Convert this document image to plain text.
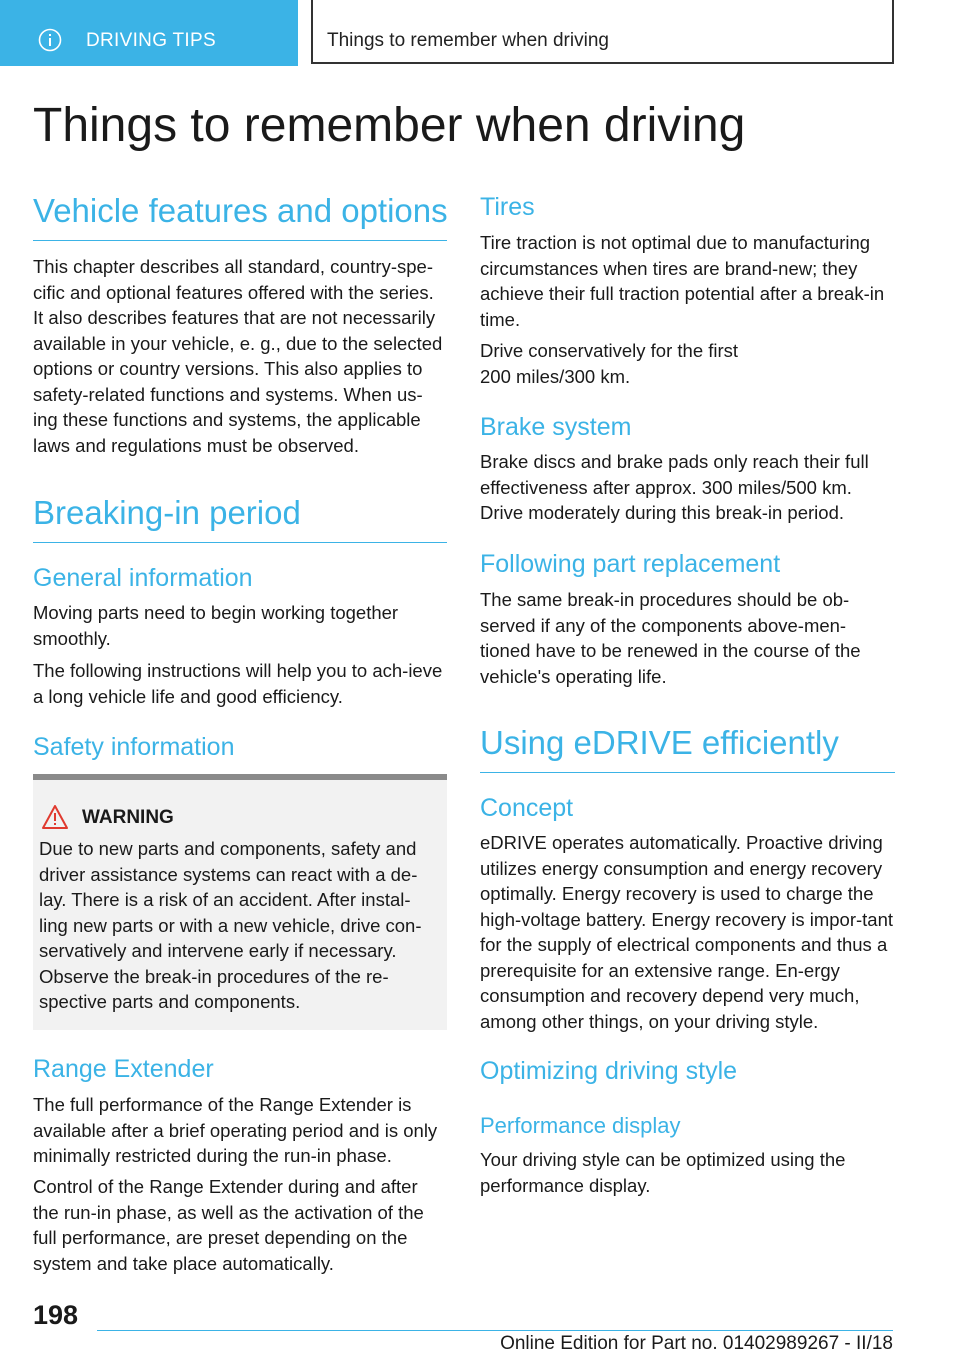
DRIVING TIPS	Things to remember when driving
Things to remember when driving
Vehicle features and options

This chapter describes all standard, country-spe-cific and optional features offered with the series. It also describes features that are not necessarily available in your vehicle, e. g., due to the selected options or country versions. This also applies to safety-related functions and systems. When us-ing these functions and systems, the applicable laws and regulations must be observed.

Breaking-in period
General information

Moving parts need to begin working together smoothly.

The following instructions will help you to ach-ieve a long vehicle life and good efficiency.

Safety information
WARNING

Due to new parts and components, safety and driver assistance systems can react with a de-lay. There is a risk of an accident. After instal-ling new parts or with a new vehicle, drive con-servatively and intervene early if necessary. Observe the break-in procedures of the re-spective parts and components.

Range Extender

The full performance of the Range Extender is available after a brief operating period and is only minimally restricted during the run-in phase.

Control of the Range Extender during and after the run-in phase, as well as the activation of the full performance, are preset depending on the system and take place automatically.

Tires

Tire traction is not optimal due to manufacturing circumstances when tires are brand-new; they achieve their full traction potential after a break-in time.

Drive conservatively for the first 200 miles/300 km.

Brake system

Brake discs and brake pads only reach their full effectiveness after approx. 300 miles/500 km. Drive moderately during this break-in period.

Following part replacement

The same break-in procedures should be ob-served if any of the components above-men-tioned have to be renewed in the course of the vehicle's operating life.

Using eDRIVE efficiently
Concept

eDRIVE operates automatically. Proactive driving utilizes energy consumption and energy recovery optimally. Energy recovery is used to charge the high-voltage battery. Energy recovery is impor-tant for the supply of electrical components and thus a prerequisite for an extensive range. En-ergy consumption and recovery depend very much, among other things, on your driving style.

Optimizing driving style
Performance display

Your driving style can be optimized using the performance display.

198
Online Edition for Part no. 01402989267 - II/18
